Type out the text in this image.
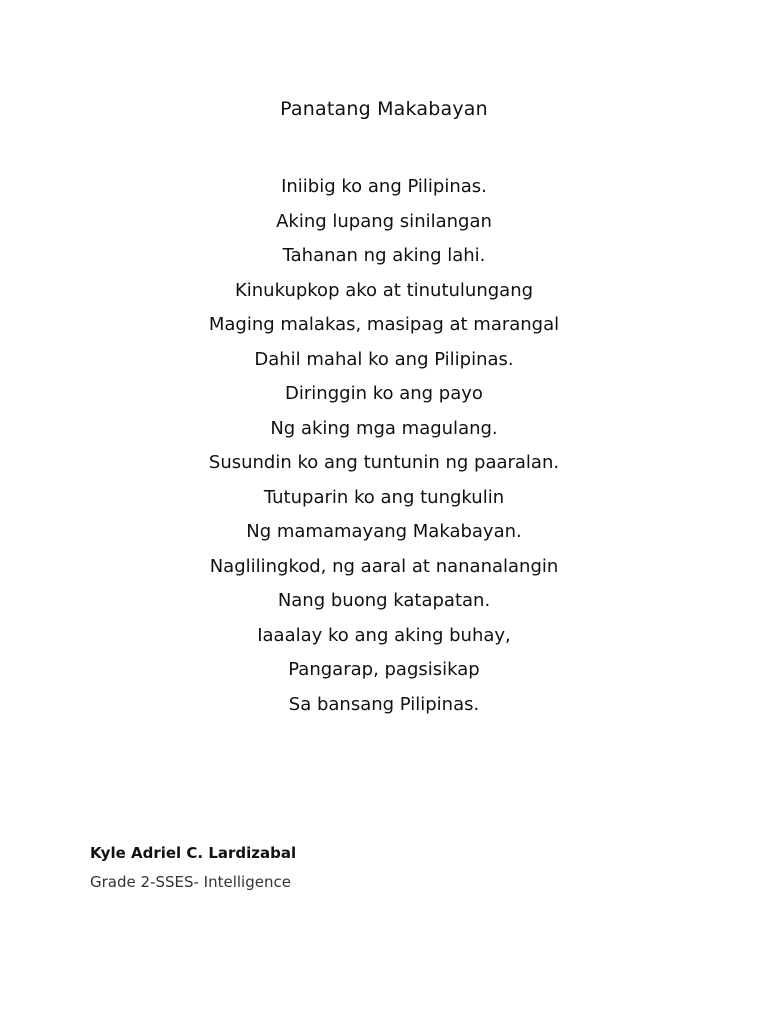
Panatang Makabayan
Iniibig ko ang Pilipinas.
Aking lupang sinilangan
Tahanan ng aking lahi.
Kinukupkop ako at tinutulungang
Maging malakas, masipag at marangal
Dahil mahal ko ang Pilipinas.
Diringgin ko ang payo
Ng aking mga magulang.
Susundin ko ang tuntunin ng paaralan.
Tutuparin ko ang tungkulin
Ng mamamayang Makabayan.
Naglilingkod, ng aaral at nananalangin
Nang buong katapatan.
Iaaalay ko ang aking buhay,
Pangarap, pagsisikap
Sa bansang Pilipinas.
Kyle Adriel C. Lardizabal
Grade 2-SSES- Intelligence
